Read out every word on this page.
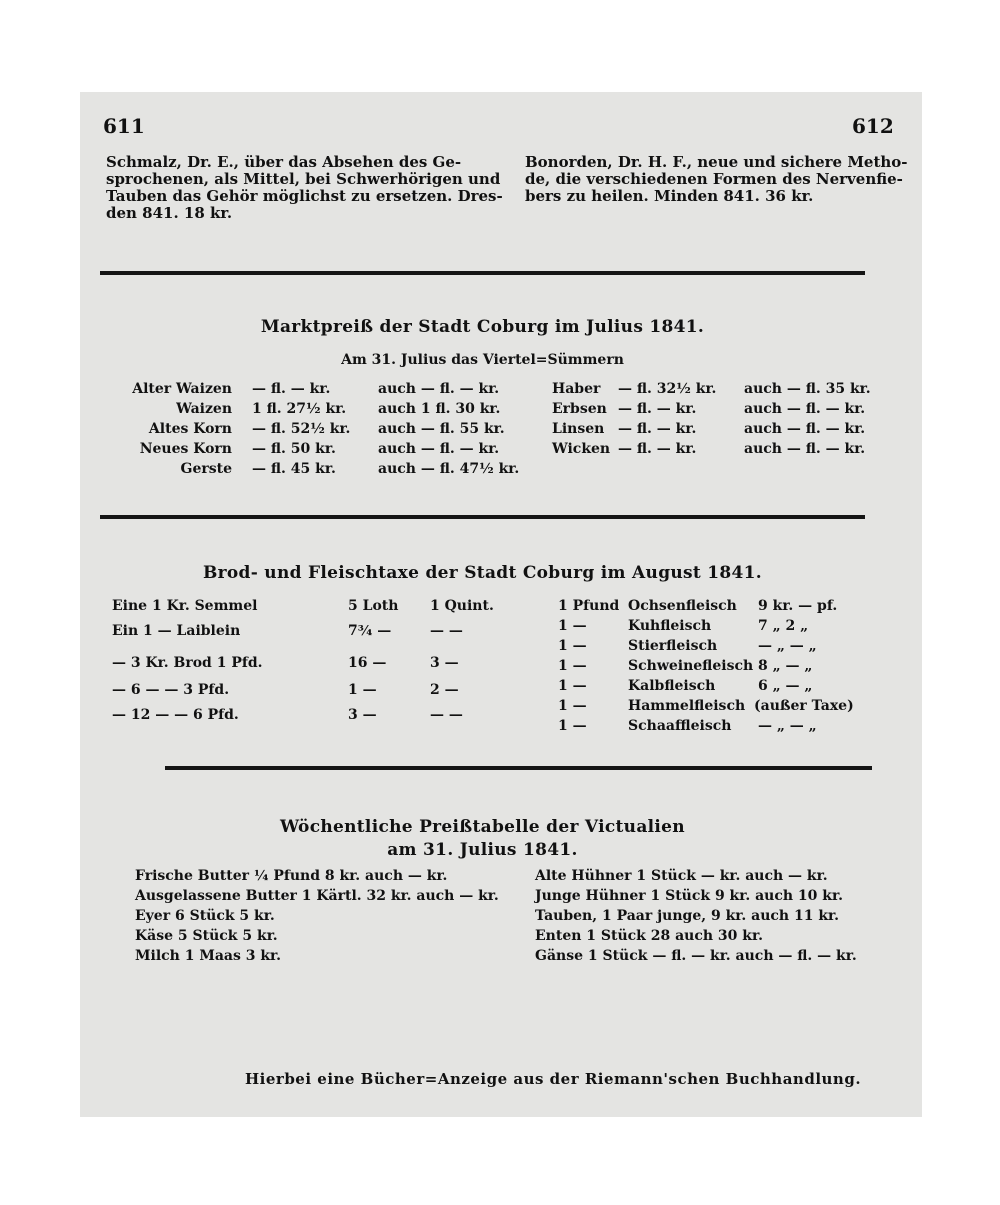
611	612
Schmalz, Dr. E., über das Absehen des Ge-
sprochenen, als Mittel, bei Schwerhörigen und
Tauben das Gehör möglichst zu ersetzen. Dres-
den 841. 18 kr.
Bonorden, Dr. H. F., neue und sichere Metho-
de, die verschiedenen Formen des Nervenfie-
bers zu heilen. Minden 841. 36 kr.
Marktpreiß der Stadt Coburg im Julius 1841.
Am 31. Julius das Viertel=Sümmern
Alter Waizen — fl. — kr.	auch — fl. — kr.
Waizen 1 fl. 27½ kr. auch 1 fl. 30 kr.
Altes Korn — fl. 52½ kr. auch — fl. 55 kr.
Neues Korn — fl. 50 kr.	auch — fl. — kr.
Gerste — fl. 45 kr.	auch — fl. 47½ kr.
Haber — fl. 32½ kr. auch — fl. 35 kr.
Erbsen — fl. — kr.	auch — fl. — kr.
Linsen — fl. — kr.	auch — fl. — kr.
Wicken — fl. — kr.	auch — fl. — kr.
Brod- und Fleischtaxe der Stadt Coburg im August 1841.
Eine 1 Kr. Semmel	5 Loth 1 Quint.
Ein 1 — Laiblein	7¾ —	— —
— 3 Kr. Brod 1 Pfd.	16 —	3 —
— 6 — — 3 Pfd.	1 —	2 —
— 12 — — 6 Pfd.	3 —	— —
1 Pfund Ochsenfleisch 9 kr. — pf.
1 —	Kuhfleisch	7 „ 2 „
1 —	Stierfleisch	— „ — „
1 —	Schweinefleisch 8 „ — „
1 —	Kalbfleisch	6 „ — „
1 —	Hammelfleisch (außer Taxe)
1 —	Schaaffleisch — „ — „
Wöchentliche Preißtabelle der Victualien
am 31. Julius 1841.
Frische Butter ¼ Pfund 8 kr. auch — kr.
Ausgelassene Butter 1 Kärtl. 32 kr. auch — kr.
Eyer 6 Stück 5 kr.
Käse 5 Stück 5 kr.
Milch 1 Maas 3 kr.
Alte Hühner 1 Stück — kr. auch — kr.
Junge Hühner 1 Stück 9 kr. auch 10 kr.
Tauben, 1 Paar junge, 9 kr. auch 11 kr.
Enten 1 Stück 28 auch 30 kr.
Gänse 1 Stück — fl. — kr. auch — fl. — kr.
Hierbei eine Bücher=Anzeige aus der Riemann'schen Buchhandlung.
